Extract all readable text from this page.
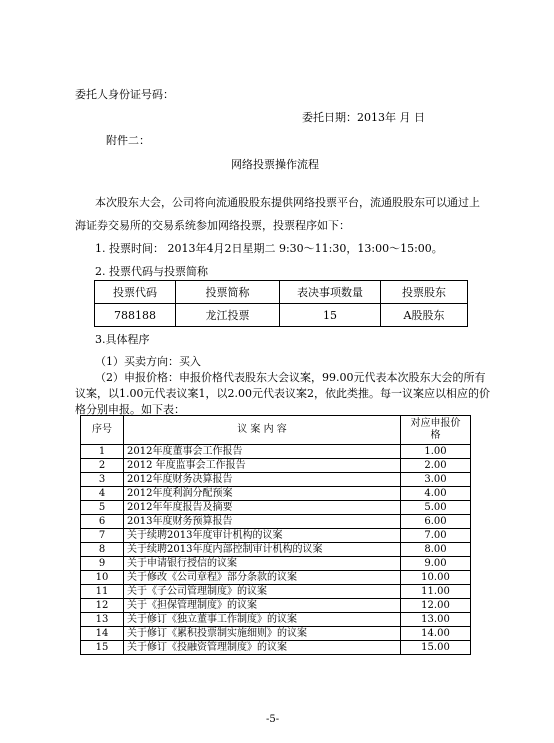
委托人身份证号码：
委托日期：2013年 月 日
附件二：
网络投票操作流程
本次股东大会，公司将向流通股股东提供网络投票平台，流通股股东可以通过上
海证券交易所的交易系统参加网络投票，投票程序如下：
1. 投票时间： 2013年4月2日星期二 9:30～11:30，13:00～15:00。
2. 投票代码与投票简称
投票代码	投票简称	表决事项数量	投票股东
788188	龙江投票	15	A股股东
3.具体程序
（1）买卖方向：买入
（2）申报价格：申报价格代表股东大会议案，99.00元代表本次股东大会的所有
议案，以1.00元代表议案1，以2.00元代表议案2，依此类推。每一议案应以相应的价
格分别申报。如下表：
序号	议 案 内 容	对应申报价格
1	2012年度董事会工作报告	1.00
2	2012 年度监事会工作报告	2.00
3	2012年度财务决算报告	3.00
4	2012年度利润分配预案	4.00
5	2012年年度报告及摘要	5.00
6	2013年度财务预算报告	6.00
7	关于续聘2013年度审计机构的议案	7.00
8	关于续聘2013年度内部控制审计机构的议案	8.00
9	关于申请银行授信的议案	9.00
10	关于修改《公司章程》部分条款的议案	10.00
11	关于《子公司管理制度》的议案	11.00
12	关于《担保管理制度》的议案	12.00
13	关于修订《独立董事工作制度》的议案	13.00
14	关于修订《累积投票制实施细则》的议案	14.00
15	关于修订《投融资管理制度》的议案	15.00
-5-
